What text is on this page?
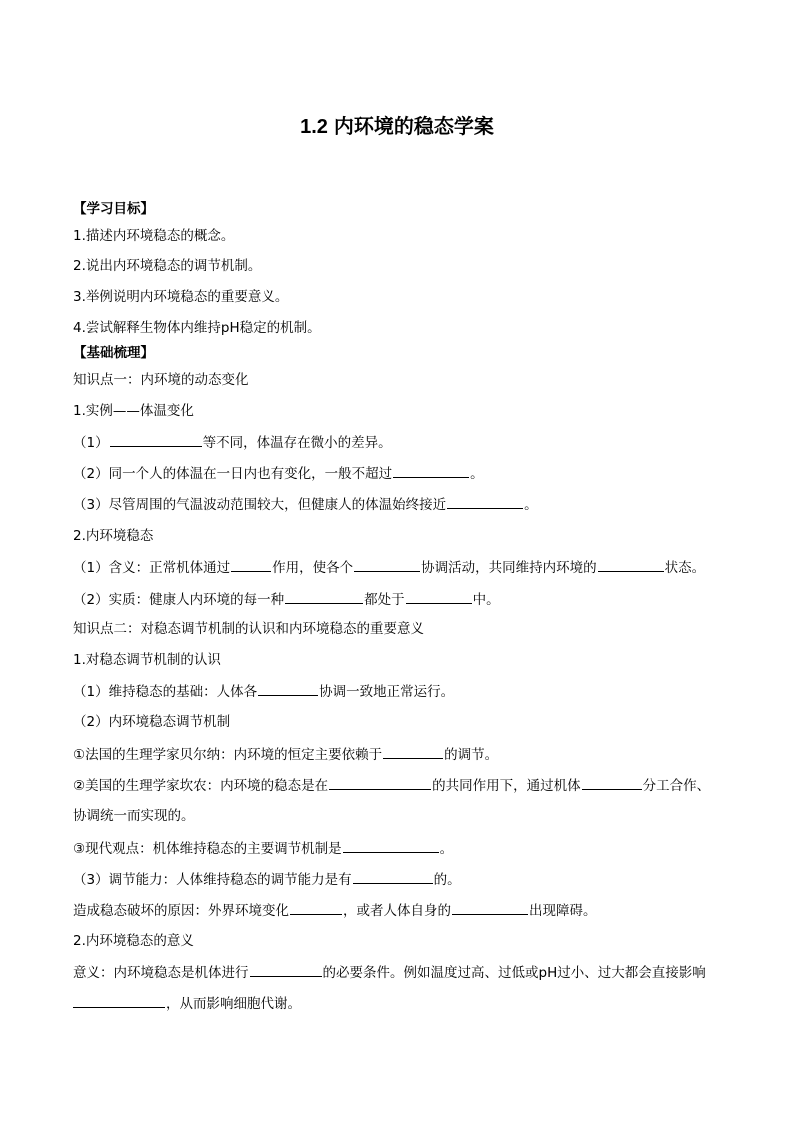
1.2 内环境的稳态学案
【学习目标】
1.描述内环境稳态的概念。
2.说出内环境稳态的调节机制。
3.举例说明内环境稳态的重要意义。
4.尝试解释生物体内维持pH稳定的机制。
【基础梳理】
知识点一：内环境的动态变化
1.实例——体温变化
（1）	等不同，体温存在微小的差异。
（2）同一个人的体温在一日内也有变化，一般不超过	。
（3）尽管周围的气温波动范围较大，但健康人的体温始终接近	。
2.内环境稳态
（1）含义：正常机体通过	作用，使各个	协调活动，共同维持内环境的	状态。
（2）实质：健康人内环境的每一种	都处于	中。
知识点二：对稳态调节机制的认识和内环境稳态的重要意义
1.对稳态调节机制的认识
（1）维持稳态的基础：人体各	协调一致地正常运行。
（2）内环境稳态调节机制
①法国的生理学家贝尔纳：内环境的恒定主要依赖于	的调节。
②美国的生理学家坎农：内环境的稳态是在	的共同作用下，通过机体	分工合作、
协调统一而实现的。
③现代观点：机体维持稳态的主要调节机制是	。
（3）调节能力：人体维持稳态的调节能力是有	的。
造成稳态破坏的原因：外界环境变化	，或者人体自身的	出现障碍。
2.内环境稳态的意义
意义：内环境稳态是机体进行	的必要条件。例如温度过高、过低或pH过小、过大都会直接影响
，从而影响细胞代谢。
